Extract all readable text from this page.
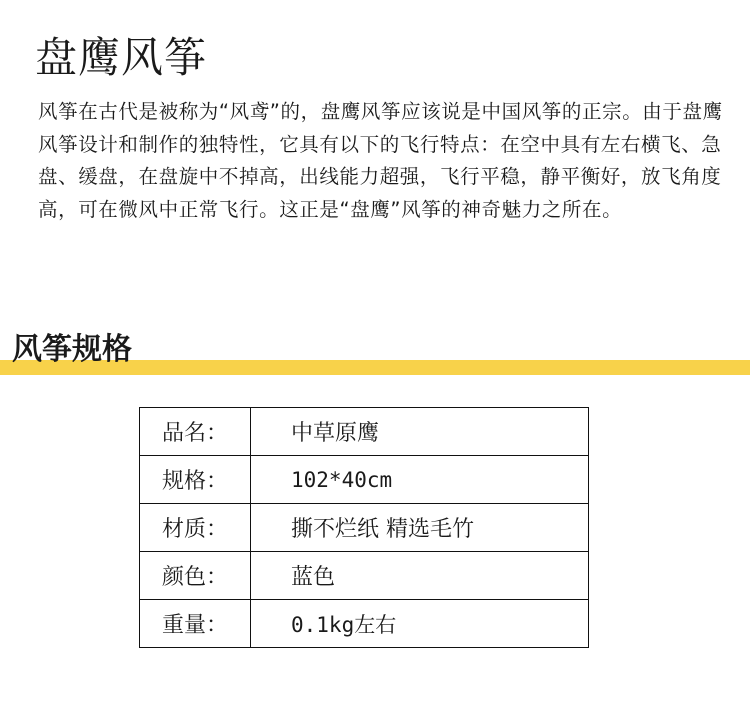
盘鹰风筝

风筝在古代是被称为“风鸢”的，盘鹰风筝应该说是中国风筝的正宗。由于盘鹰风筝设计和制作的独特性，它具有以下的飞行特点：在空中具有左右横飞、急盘、缓盘，在盘旋中不掉高，出线能力超强，飞行平稳，静平衡好，放飞角度高，可在微风中正常飞行。这正是“盘鹰”风筝的神奇魅力之所在。

风筝规格
品名：	中草原鹰
规格：	102*40cm
材质：	撕不烂纸 精选毛竹
颜色：	蓝色
重量：	0.1kg左右
